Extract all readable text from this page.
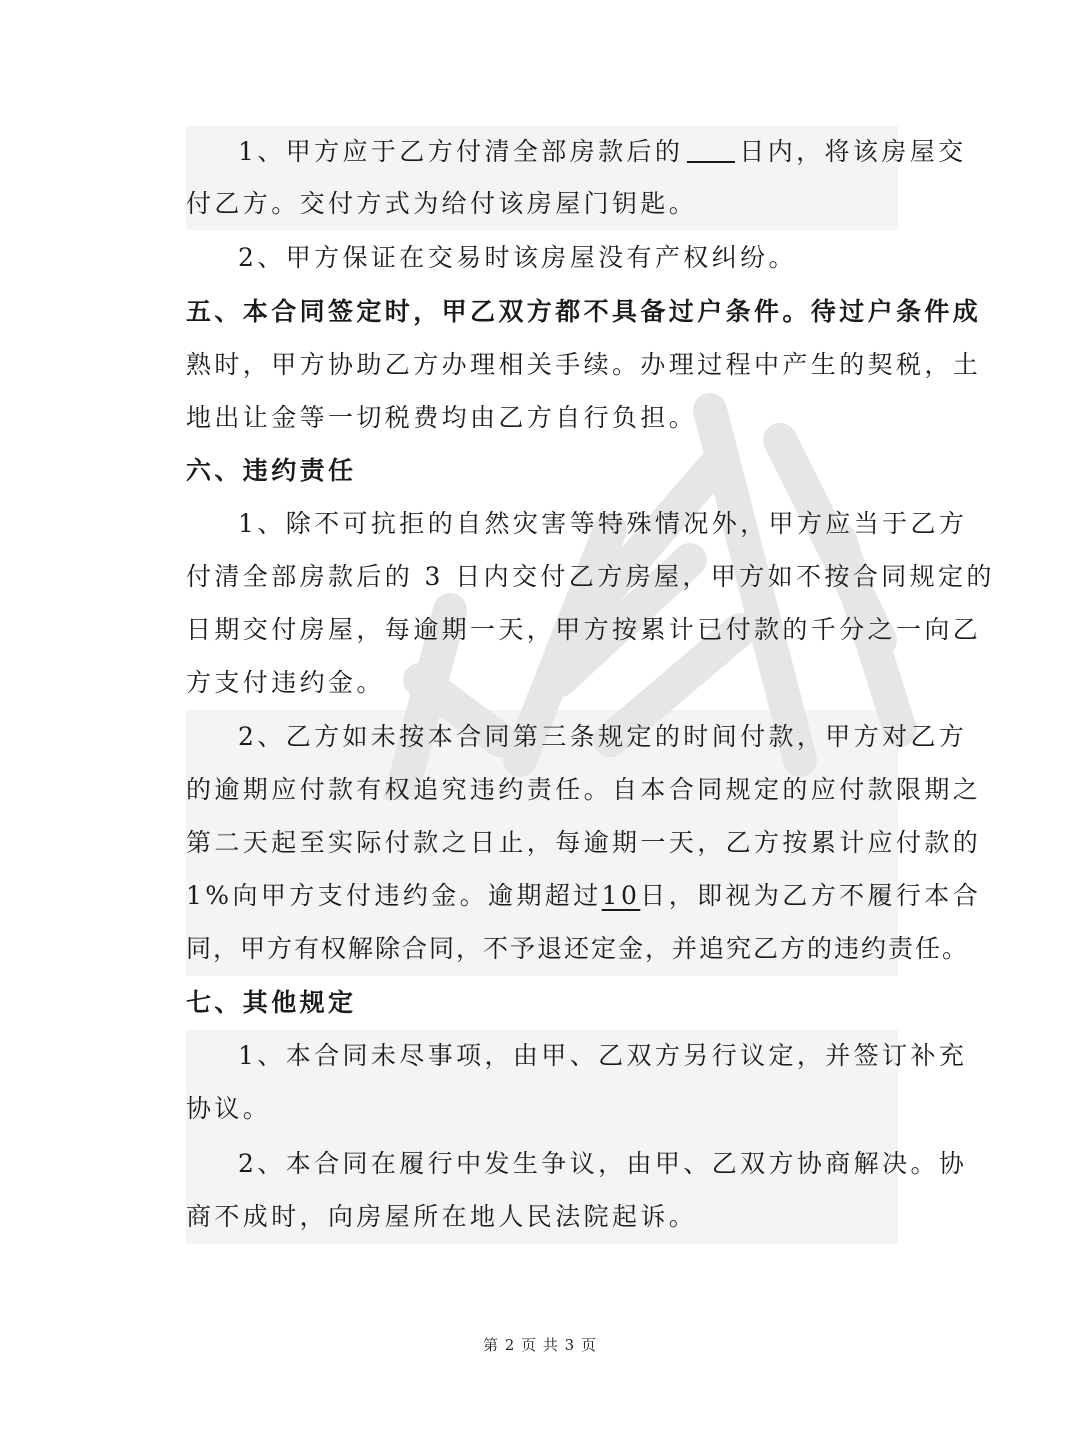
1、甲方应于乙方付清全部房款后的 日内，将该房屋交
付乙方。交付方式为给付该房屋门钥匙。
2、甲方保证在交易时该房屋没有产权纠纷。
五、本合同签定时，甲乙双方都不具备过户条件。待过户条件成
熟时，甲方协助乙方办理相关手续。办理过程中产生的契税，土
地出让金等一切税费均由乙方自行负担。
六、违约责任
1、除不可抗拒的自然灾害等特殊情况外，甲方应当于乙方
付清全部房款后的 3 日内交付乙方房屋，甲方如不按合同规定的
日期交付房屋，每逾期一天，甲方按累计已付款的千分之一向乙
方支付违约金。
2、乙方如未按本合同第三条规定的时间付款，甲方对乙方
的逾期应付款有权追究违约责任。自本合同规定的应付款限期之
第二天起至实际付款之日止，每逾期一天，乙方按累计应付款的
1%向甲方支付违约金。逾期超过10日，即视为乙方不履行本合
同，甲方有权解除合同，不予退还定金，并追究乙方的违约责任。
七、其他规定
1、本合同未尽事项，由甲、乙双方另行议定，并签订补充
协议。
2、本合同在履行中发生争议，由甲、乙双方协商解决。协
商不成时，向房屋所在地人民法院起诉。
第 2 页 共 3 页
